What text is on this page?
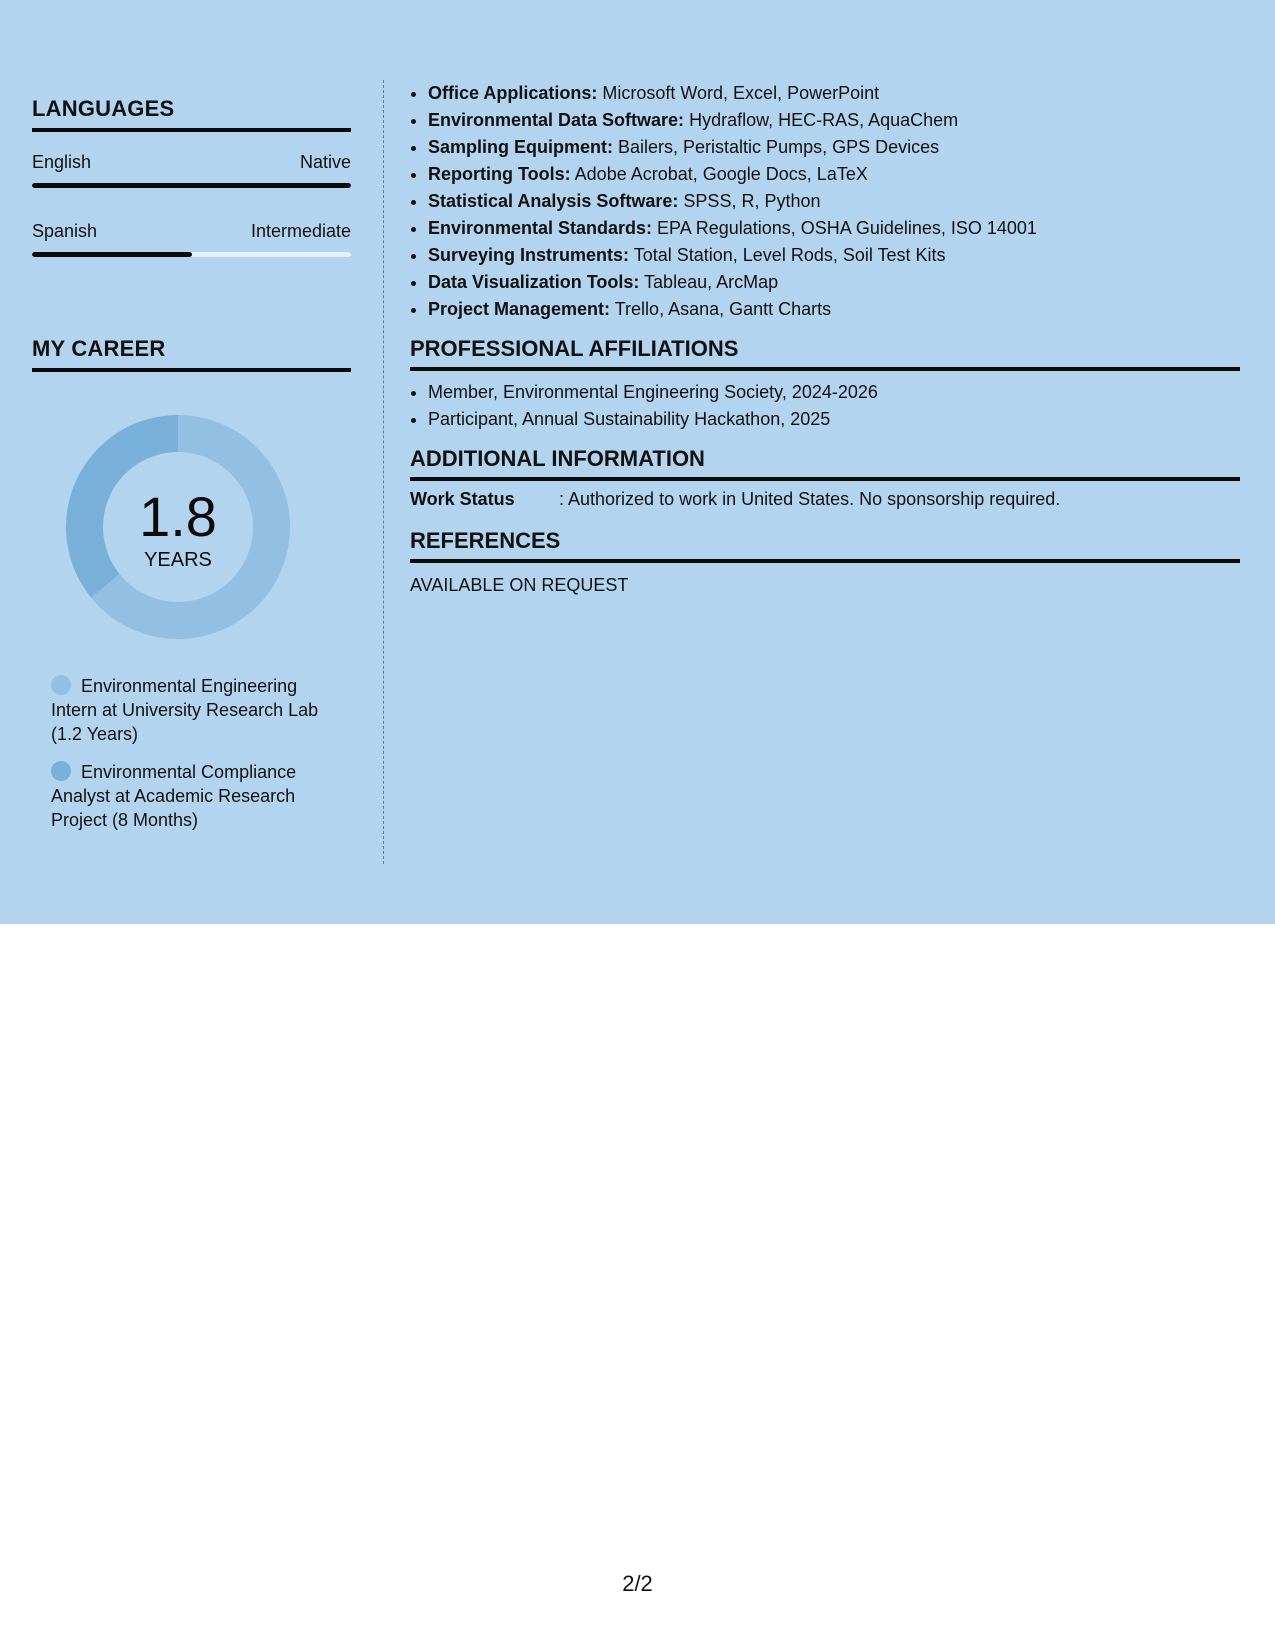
LANGUAGES
English	Native
Spanish	Intermediate
MY CAREER
1.8
YEARS
Environmental Engineering Intern at University Research Lab (1.2 Years)
Environmental Compliance Analyst at Academic Research Project (8 Months)
• Office Applications: Microsoft Word, Excel, PowerPoint
• Environmental Data Software: Hydraflow, HEC-RAS, AquaChem
• Sampling Equipment: Bailers, Peristaltic Pumps, GPS Devices
• Reporting Tools: Adobe Acrobat, Google Docs, LaTeX
• Statistical Analysis Software: SPSS, R, Python
• Environmental Standards: EPA Regulations, OSHA Guidelines, ISO 14001
• Surveying Instruments: Total Station, Level Rods, Soil Test Kits
• Data Visualization Tools: Tableau, ArcMap
• Project Management: Trello, Asana, Gantt Charts
PROFESSIONAL AFFILIATIONS
• Member, Environmental Engineering Society, 2024-2026
• Participant, Annual Sustainability Hackathon, 2025
ADDITIONAL INFORMATION
Work Status : Authorized to work in United States. No sponsorship required.
REFERENCES
AVAILABLE ON REQUEST
2/2
